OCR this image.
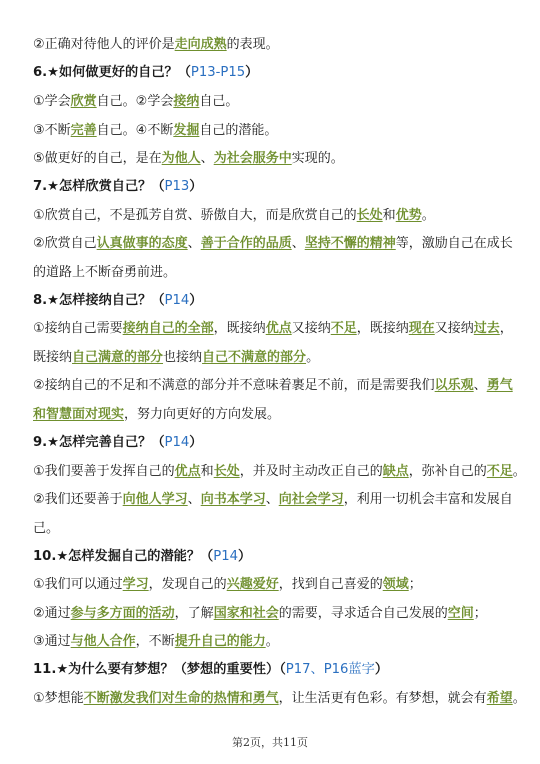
②正确对待他人的评价是走向成熟的表现。
6.★如何做更好的自己？（P13-P15）
①学会欣赏自己。②学会接纳自己。
③不断完善自己。④不断发掘自己的潜能。
⑤做更好的自己，是在为他人、为社会服务中实现的。
7.★怎样欣赏自己？（P13）
①欣赏自己，不是孤芳自赏、骄傲自大，而是欣赏自己的长处和优势。
②欣赏自己认真做事的态度、善于合作的品质、坚持不懈的精神等，激励自己在成长
的道路上不断奋勇前进。
8.★怎样接纳自己？（P14）
①接纳自己需要接纳自己的全部，既接纳优点又接纳不足，既接纳现在又接纳过去，
既接纳自己满意的部分也接纳自己不满意的部分。
②接纳自己的不足和不满意的部分并不意味着裹足不前，而是需要我们以乐观、勇气
和智慧面对现实，努力向更好的方向发展。
9.★怎样完善自己？（P14）
①我们要善于发挥自己的优点和长处，并及时主动改正自己的缺点，弥补自己的不足。
②我们还要善于向他人学习、向书本学习、向社会学习，利用一切机会丰富和发展自
己。
10.★怎样发掘自己的潜能？（P14）
①我们可以通过学习，发现自己的兴趣爱好，找到自己喜爱的领域；
②通过参与多方面的活动，了解国家和社会的需要，寻求适合自己发展的空间；
③通过与他人合作，不断提升自己的能力。
11.★为什么要有梦想？（梦想的重要性）（P17、P16蓝字）
①梦想能不断激发我们对生命的热情和勇气，让生活更有色彩。有梦想，就会有希望。
第2页，共11页
